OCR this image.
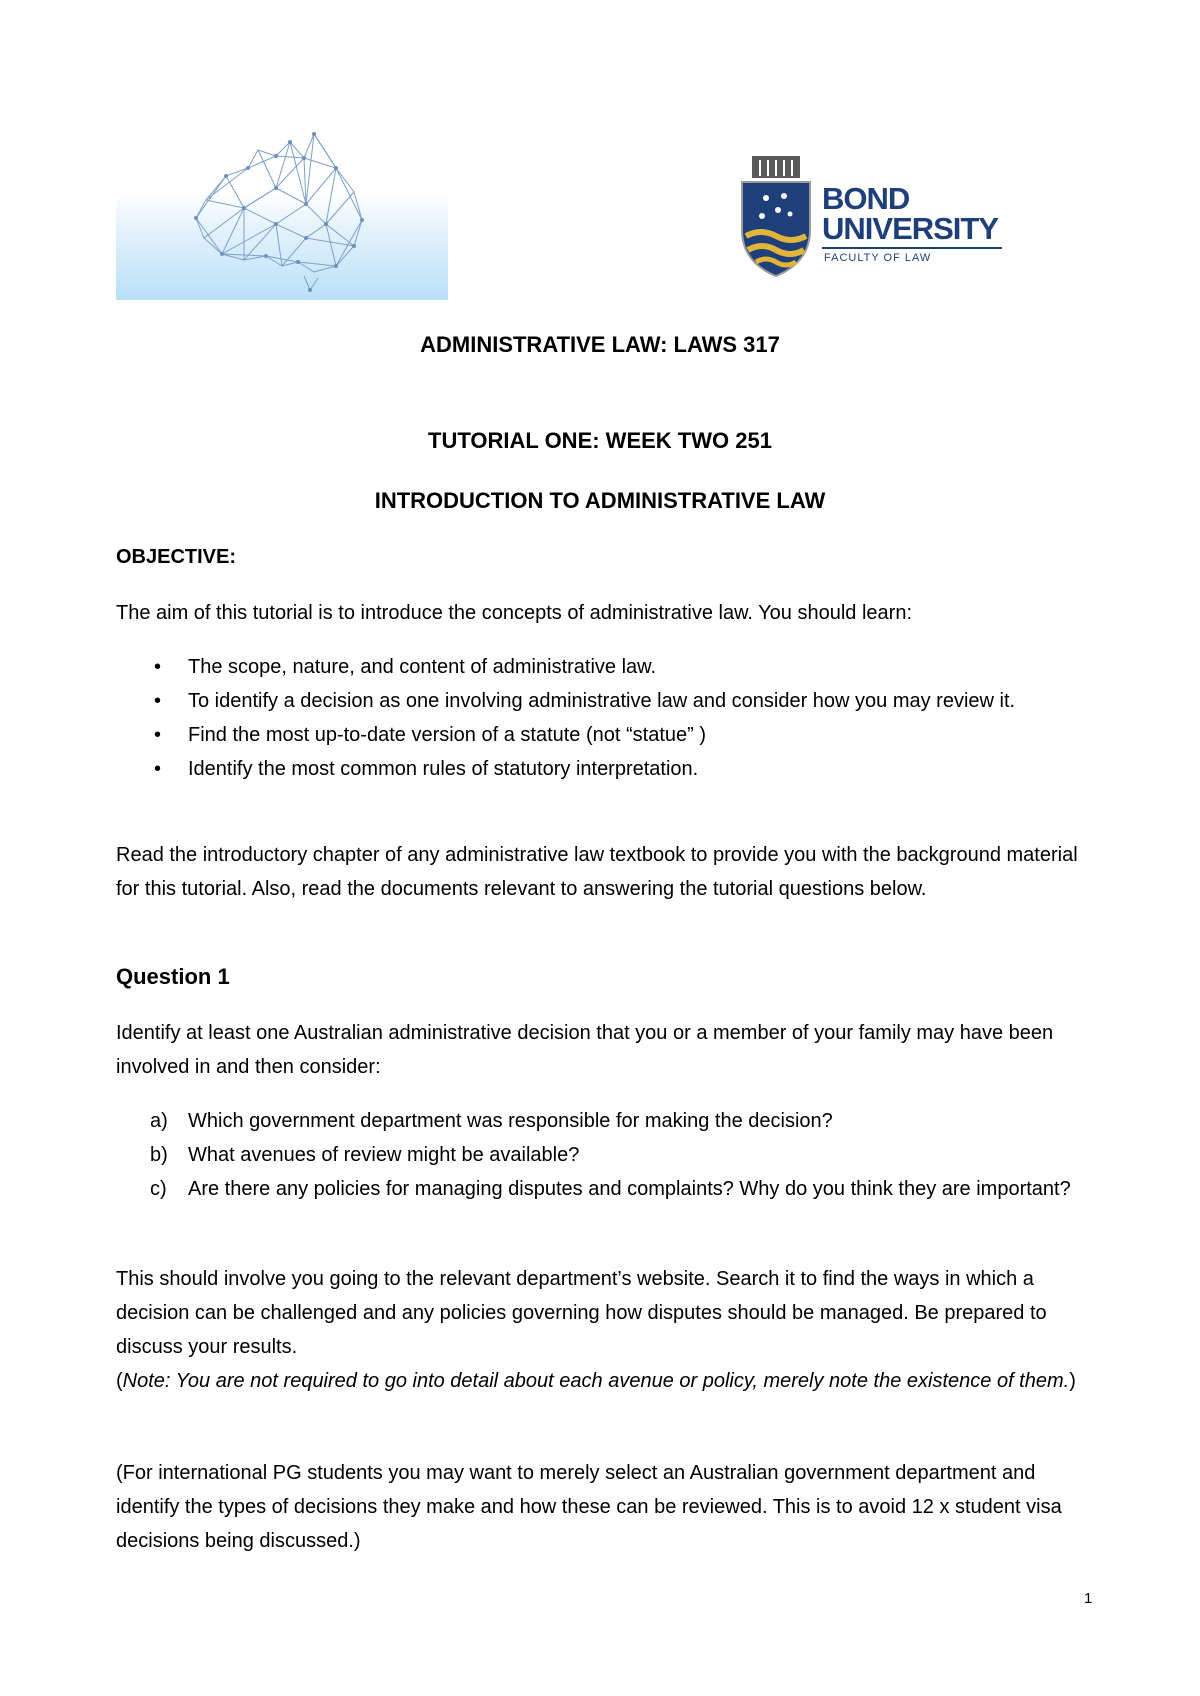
BOND
UNIVERSITY
FACULTY OF LAW
ADMINISTRATIVE LAW: LAWS 317
TUTORIAL ONE: WEEK TWO 251
INTRODUCTION TO ADMINISTRATIVE LAW
OBJECTIVE:

The aim of this tutorial is to introduce the concepts of administrative law. You should learn:

• The scope, nature, and content of administrative law.
• To identify a decision as one involving administrative law and consider how you may review it.
• Find the most up-to-date version of a statute (not “statue” )
• Identify the most common rules of statutory interpretation.

Read the introductory chapter of any administrative law textbook to provide you with the background material for this tutorial. Also, read the documents relevant to answering the tutorial questions below.

Question 1

Identify at least one Australian administrative decision that you or a member of your family may have been involved in and then consider:

a) Which government department was responsible for making the decision?
b) What avenues of review might be available?
c) Are there any policies for managing disputes and complaints? Why do you think they are important?

This should involve you going to the relevant department’s website. Search it to find the ways in which a decision can be challenged and any policies governing how disputes should be managed. Be prepared to discuss your results.
(Note: You are not required to go into detail about each avenue or policy, merely note the existence of them.)

(For international PG students you may want to merely select an Australian government department and identify the types of decisions they make and how these can be reviewed. This is to avoid 12 x student visa decisions being discussed.)

1
